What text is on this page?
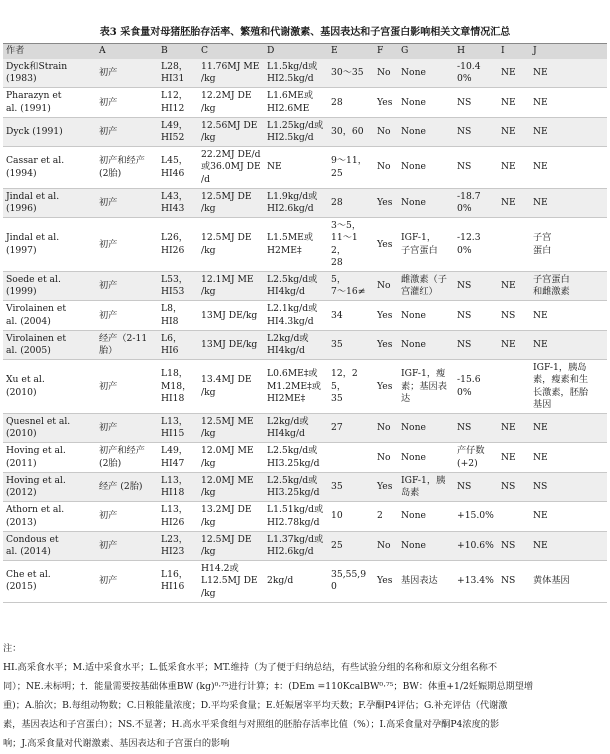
表3 采食量对母猪胚胎存活率、繁殖和代谢激素、基因表达和子宫蛋白影响相关文章情况汇总
作者	A	B	C	D	E	F	G	H	I	J
Dyck和Strain
(1983)	初产	L28，
HI31	11.76MJ ME
/kg	L1.5kg/d或
HI2.5kg/d	30～35	No	None	-10.40%	NE	NE
Pharazyn et
al. (1991)	初产	L12，
HI12	12.2MJ DE
/kg	L1.6ME或
HI2.6ME	28	Yes	None	NS	NE	NE
Dyck (1991)	初产	L49，
HI52	12.56MJ DE
/kg	L1.25kg/d或
HI2.5kg/d	30，60	No	None	NS	NE	NE
Cassar et al.
(1994)	初产和经产
(2胎)	L45，
HI46	22.2MJ DE/d
或36.0MJ DE
/d	NE	9～11，
25	No	None	NS	NE	NE
Jindal et al.
(1996)	初产	L43，
HI43	12.5MJ DE
/kg	L1.9kg/d或
HI2.6kg/d	28	Yes	None	-18.70%	NE	NE
Jindal et al.
(1997)	初产	L26，
HI26	12.5MJ DE
/kg	L1.5ME或
H2ME‡	3～5，
11～12，
28	Yes	IGF-1，
子宫蛋白	-12.30%		子宫
蛋白
Soede et al.
(1999)	初产	L53，
HI53	12.1MJ ME
/kg	L2.5kg/d或
HI4kg/d	5，
7～16≠	No	雌激素（子
宫灌红）	NS	NE	子宫蛋白
和雌激素
Virolainen et
al. (2004)	初产	L8，
HI8	13MJ DE/kg	L2.1kg/d或
HI4.3kg/d	34	Yes	None	NS	NS	NE
Virolainen et
al. (2005)	经产（2-11
胎）	L6，
HI6	13MJ DE/kg	L2kg/d或
HI4kg/d	35	Yes	None	NS	NE	NE
Xu et al.
(2010)	初产	L18，
M18，
HI18	13.4MJ DE
/kg	L0.6ME‡或
M1.2ME‡或
HI2ME‡	12，25，
35	Yes	IGF-1，瘦
素；基因表
达	-15.60%		IGF-1，胰岛
素，瘦素和生
长激素，胚胎
基因
Quesnel et al.
(2010)	初产	L13，
HI15	12.5MJ ME
/kg	L2kg/d或
HI4kg/d	27	No	None	NS	NE	NE
Hoving et al.
(2011)	初产和经产
(2胎)	L49，
HI47	12.0MJ ME
/kg	L2.5kg/d或
HI3.25kg/d		No	None	产仔数
(+2)	NE	NE
Hoving et al.
(2012)	经产 (2胎)	L13，
HI18	12.0MJ ME
/kg	L2.5kg/d或
HI3.25kg/d	35	Yes	IGF-1，胰
岛素	NS	NS	NS
Athorn et al.
(2013)	初产	L13，
HI26	13.2MJ DE
/kg	L1.51kg/d或
HI2.78kg/d	10	2	None	+15.0%		NE
Condous et
al. (2014)	初产	L23，
HI23	12.5MJ DE
/kg	L1.37kg/d或
HI2.6kg/d	25	No	None	+10.6%	NS	NE
Che et al.
(2015)	初产	L16，
HI16	H14.2或
L12.5MJ DE
/kg	2kg/d	35,55,90	Yes	基因表达	+13.4%	NS	黄体基因
注：
HI.高采食水平；M.适中采食水平；L.低采食水平；MT.维持（为了便于归纳总结，有些试验分组的名称和原文分组名称不
同）；NE.未标明；†．能量需要按基础体重BW (kg)⁰·⁷⁵进行计算；‡：(DEm =110KcalBW⁰·⁷⁵；BW：体重+1/2妊娠期总期望增
重)；A.胎次；B.每组动物数；C.日粮能量浓度；D.平均采食量；E.妊娠屠宰平均天数；F.孕酮P4评估；G.补充评估（代谢激
素，基因表达和子宫蛋白）；NS.不显著；H.高水平采食组与对照组的胚胎存活率比值（%）；I.高采食量对孕酮P4浓度的影
响；J.高采食量对代谢激素、基因表达和子宫蛋白的影响
